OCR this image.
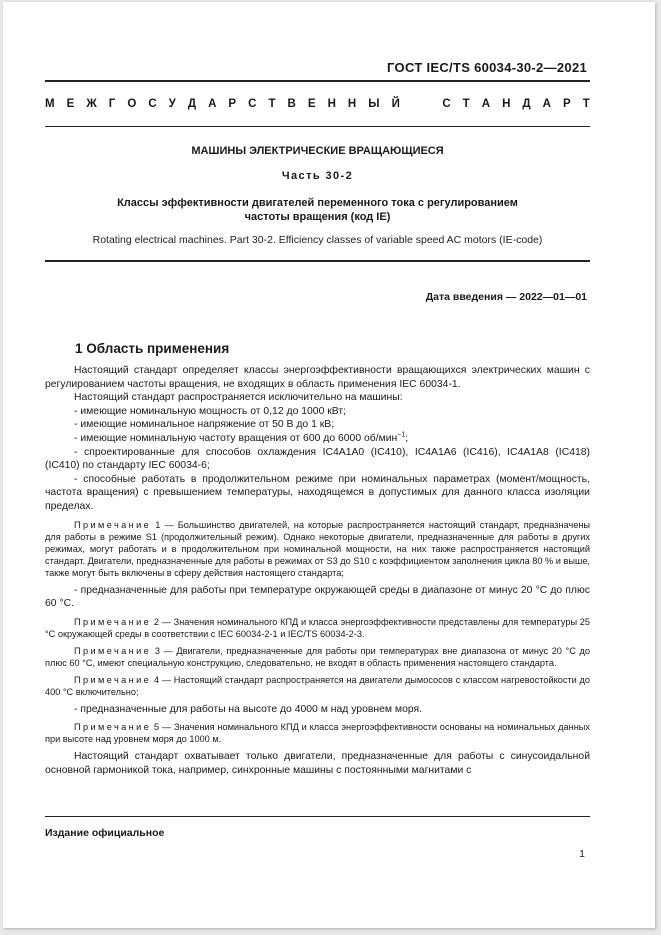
ГОСТ IEC/TS 60034-30-2—2021
М Е Ж Г О С У Д А Р С Т В Е Н Н Ы Й

	С Т А Н Д А Р Т
МАШИНЫ ЭЛЕКТРИЧЕСКИЕ ВРАЩАЮЩИЕСЯ
Часть 30-2
Классы эффективности двигателей переменного тока с регулированием
частоты вращения (код IE)
Rotating electrical machines. Part 30-2. Efficiency classes of variable speed AC motors (IE-code)
Дата введения — 2022—01—01
1 Область применения

Настоящий стандарт определяет классы энергоэффективности вращающихся электрических машин с регулированием частоты вращения, не входящих в область применения IEC 60034-1.

Настоящий стандарт распространяется исключительно на машины:

- имеющие номинальную мощность от 0,12 до 1000 кВт;

- имеющие номинальное напряжение от 50 В до 1 кВ;

- имеющие номинальную частоту вращения от 600 до 6000 об/мин$^{-1}$;

- спроектированные для способов охлаждения IC4A1A0 (IC410), IC4A1A6 (IC416), IC4A1A8 (IC418) (IC410) по стандарту IEC 60034-6;

- способные работать в продолжительном режиме при номинальных параметрах (момент/мощность, частота вращения) с превышением температуры, находящемся в допустимых для данного класса изоляции пределах.

Примечание 1 — Большинство двигателей, на которые распространяется настоящий стандарт, предназначены для работы в режиме S1 (продолжительный режим). Однако некоторые двигатели, предназначенные для работы в других режимах, могут работать и в продолжительном при номинальной мощности, на них также распространяется настоящий стандарт. Двигатели, предназначенные для работы в режимах от S3 до S10 с коэффициентом заполнения цикла 80 % и выше, также могут быть включены в сферу действия настоящего стандарта;

- предназначенные для работы при температуре окружающей среды в диапазоне от минус 20 °C до плюс 60 °C.

Примечание 2 — Значения номинального КПД и класса энергоэффективности представлены для температуры 25 °C окружающей среды в соответствии с IEC 60034-2-1 и IEC/TS 60034-2-3.

Примечание 3 — Двигатели, предназначенные для работы при температурах вне диапазона от минус 20 °C до плюс 60 °C, имеют специальную конструкцию, следовательно, не входят в область применения настоящего стандарта.

Примечание 4 — Настоящий стандарт распространяется на двигатели дымососов с классом нагревостойкости до 400 °C включительно;

- предназначенные для работы на высоте до 4000 м над уровнем моря.

Примечание 5 — Значения номинального КПД и класса энергоэффективности основаны на номинальных данных при высоте над уровнем моря до 1000 м.

Настоящий стандарт охватывает только двигатели, предназначенные для работы с синусоидальной основной гармоникой тока, например, синхронные машины с постоянными магнитами с

Издание официальное
1
